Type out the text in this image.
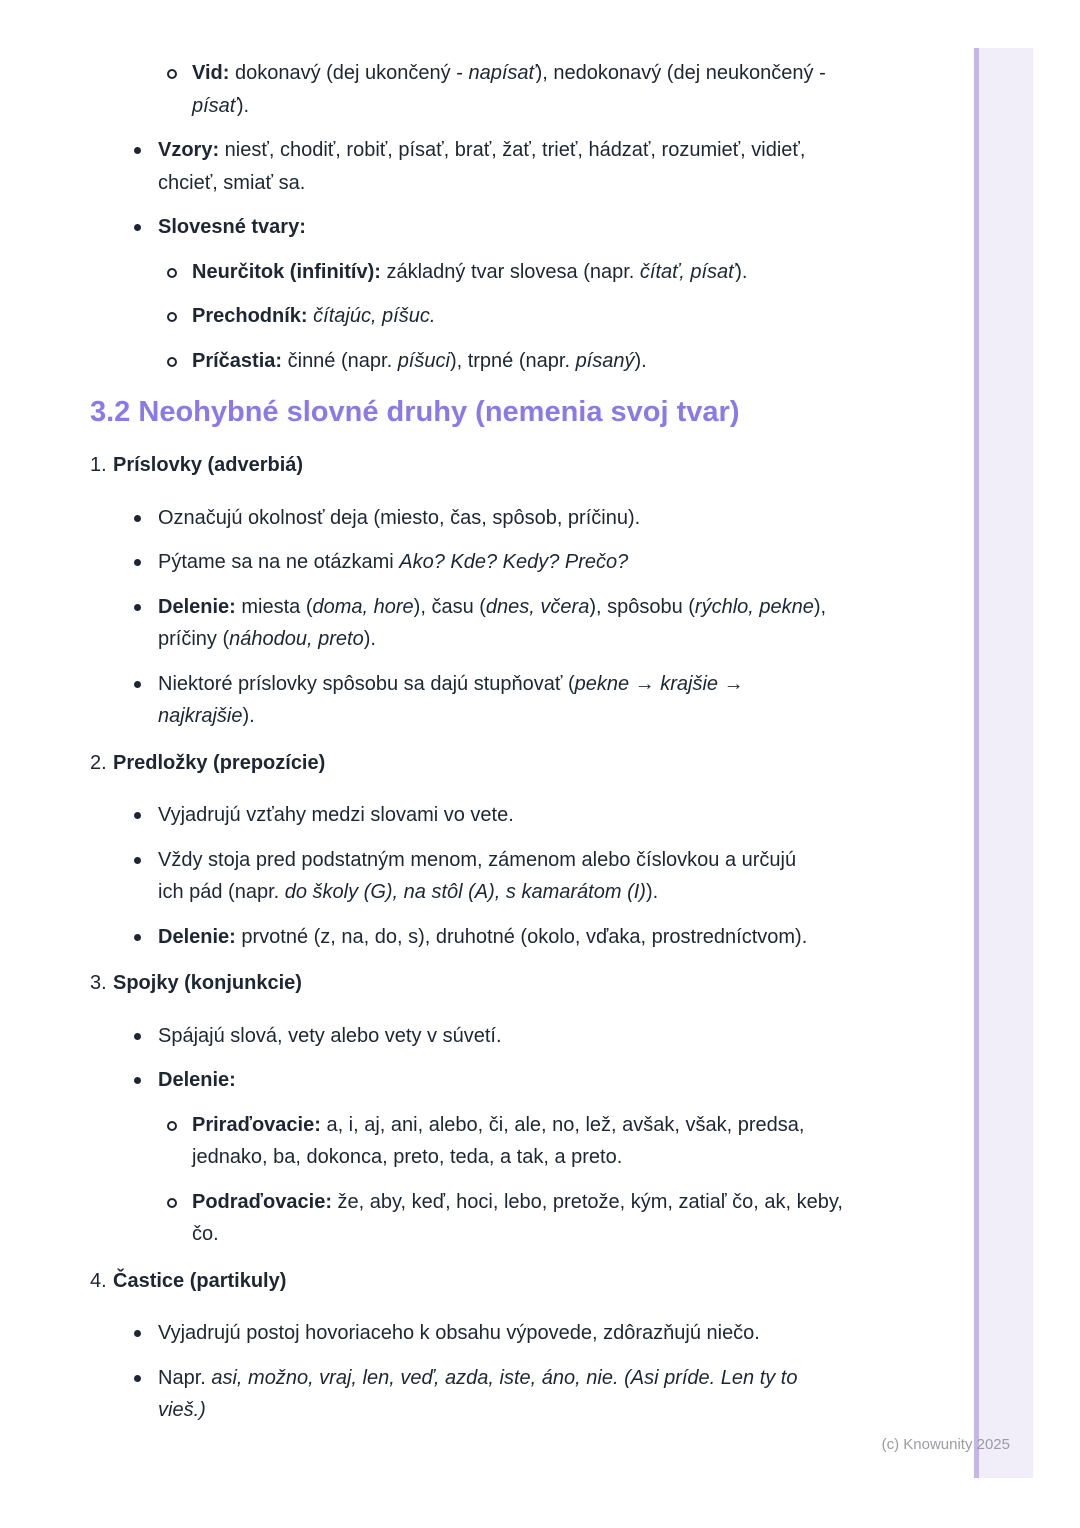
Vid: dokonavý (dej ukončený - napísať), nedokonavý (dej neukončený -
písať).
Vzory: niesť, chodiť, robiť, písať, brať, žať, trieť, hádzať, rozumieť, vidieť,
chcieť, smiať sa.
Slovesné tvary:
Neurčitok (infinitív): základný tvar slovesa (napr. čítať, písať).
Prechodník: čítajúc, píšuc.
Príčastia: činné (napr. píšuci), trpné (napr. písaný).
3.2 Neohybné slovné druhy (nemenia svoj tvar)
1. Príslovky (adverbiá)
Označujú okolnosť deja (miesto, čas, spôsob, príčinu).
Pýtame sa na ne otázkami Ako? Kde? Kedy? Prečo?
Delenie: miesta (doma, hore), času (dnes, včera), spôsobu (rýchlo, pekne),
príčiny (náhodou, preto).
Niektoré príslovky spôsobu sa dajú stupňovať (pekne → krajšie →
najkrajšie).
2. Predložky (prepozície)
Vyjadrujú vzťahy medzi slovami vo vete.
Vždy stoja pred podstatným menom, zámenom alebo číslovkou a určujú
ich pád (napr. do školy (G), na stôl (A), s kamarátom (I)).
Delenie: prvotné (z, na, do, s), druhotné (okolo, vďaka, prostredníctvom).
3. Spojky (konjunkcie)
Spájajú slová, vety alebo vety v súvetí.
Delenie:
Priraďovacie: a, i, aj, ani, alebo, či, ale, no, lež, avšak, však, predsa,
jednako, ba, dokonca, preto, teda, a tak, a preto.
Podraďovacie: že, aby, keď, hoci, lebo, pretože, kým, zatiaľ čo, ak, keby,
čo.
4. Častice (partikuly)
Vyjadrujú postoj hovoriaceho k obsahu výpovede, zdôrazňujú niečo.
Napr. asi, možno, vraj, len, veď, azda, iste, áno, nie. (Asi príde. Len ty to
vieš.)
(c) Knowunity 2025
